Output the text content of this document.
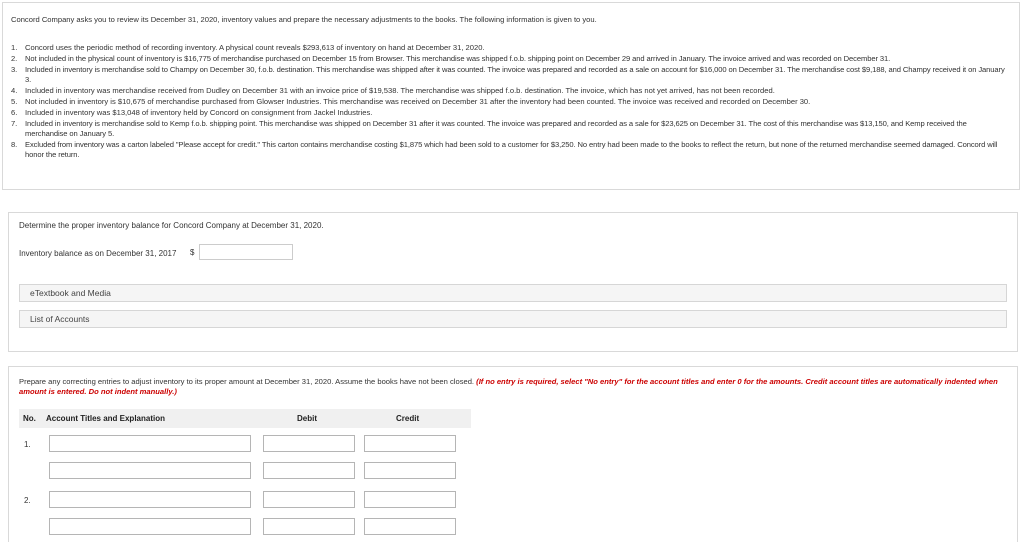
Concord Company asks you to review its December 31, 2020, inventory values and prepare the necessary adjustments to the books. The following information is given to you.
1. Concord uses the periodic method of recording inventory. A physical count reveals $293,613 of inventory on hand at December 31, 2020.
2. Not included in the physical count of inventory is $16,775 of merchandise purchased on December 15 from Browser. This merchandise was shipped f.o.b. shipping point on December 29 and arrived in January. The invoice arrived and was recorded on December 31.
3. Included in inventory is merchandise sold to Champy on December 30, f.o.b. destination. This merchandise was shipped after it was counted. The invoice was prepared and recorded as a sale on account for $16,000 on December 31. The merchandise cost $9,188, and Champy received it on January 3.
4. Included in inventory was merchandise received from Dudley on December 31 with an invoice price of $19,538. The merchandise was shipped f.o.b. destination. The invoice, which has not yet arrived, has not been recorded.
5. Not included in inventory is $10,675 of merchandise purchased from Glowser Industries. This merchandise was received on December 31 after the inventory had been counted. The invoice was received and recorded on December 30.
6. Included in inventory was $13,048 of inventory held by Concord on consignment from Jackel Industries.
7. Included in inventory is merchandise sold to Kemp f.o.b. shipping point. This merchandise was shipped on December 31 after it was counted. The invoice was prepared and recorded as a sale for $23,625 on December 31. The cost of this merchandise was $13,150, and Kemp received the merchandise on January 5.
8. Excluded from inventory was a carton labeled "Please accept for credit." This carton contains merchandise costing $1,875 which had been sold to a customer for $3,250. No entry had been made to the books to reflect the return, but none of the returned merchandise seemed damaged. Concord will honor the return.
Determine the proper inventory balance for Concord Company at December 31, 2020.
Inventory balance as on December 31, 2017 $
eTextbook and Media
List of Accounts
Prepare any correcting entries to adjust inventory to its proper amount at December 31, 2020. Assume the books have not been closed. (If no entry is required, select "No entry" for the account titles and enter 0 for the amounts. Credit account titles are automatically indented when amount is entered. Do not indent manually.)
No. Account Titles and Explanation	Debit	Credit
1.
2.
